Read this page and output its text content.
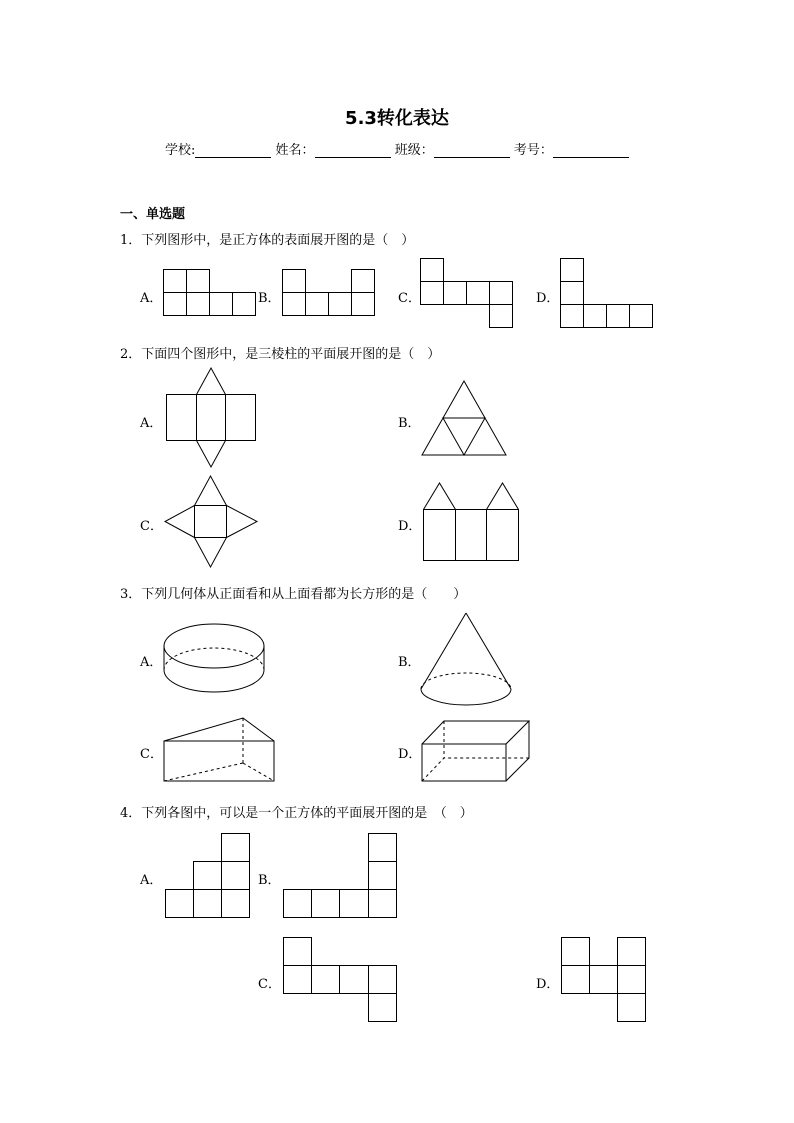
5.3转化表达
学校:	姓名：	班级：	考号：
一、单选题
1．下列图形中，是正方体的表面展开图的是（　）
A．	B．	C．	D．
2．下面四个图形中，是三棱柱的平面展开图的是（　）
A．	B．
C．	D．
3．下列几何体从正面看和从上面看都为长方形的是（　　）
A．	B．
C．	D．
4．下列各图中，可以是一个正方体的平面展开图的是　（　）
A．	B．
C．	D．
